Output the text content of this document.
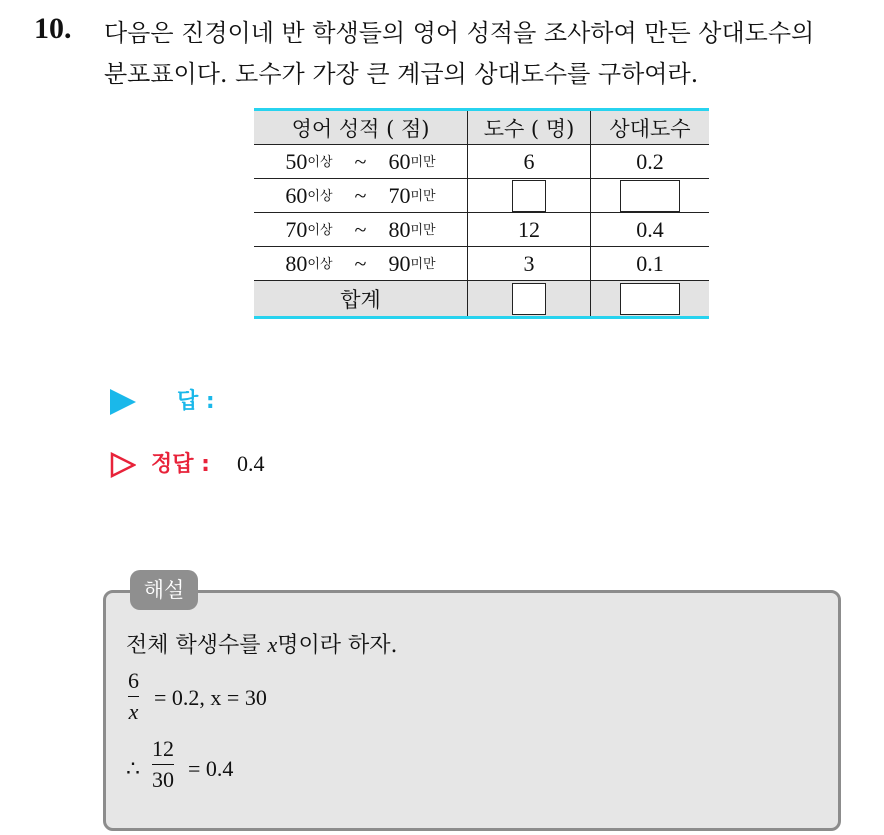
10. 다음은 진경이네 반 학생들의 영어 성적을 조사하여 만든 상대도수의
분포표이다. 도수가 가장 큰 계급의 상대도수를 구하여라.
영어 성적 ( 점)	도수 ( 명)	상대도수

$50^{이상}$ ~ $60^{미만}$	6	0.2

$60^{이상}$ ~ $70^{미만}$

$70^{이상}$ ~ $80^{미만}$	12	0.4

$80^{이상}$ ~ $90^{미만}$	3	0.1
합계		
답 :
정답 : 0.4
해설
전체 학생수를 x명이라 하자.
6
x
= 0.2, x = 30
∴
12
30 = 0.4
